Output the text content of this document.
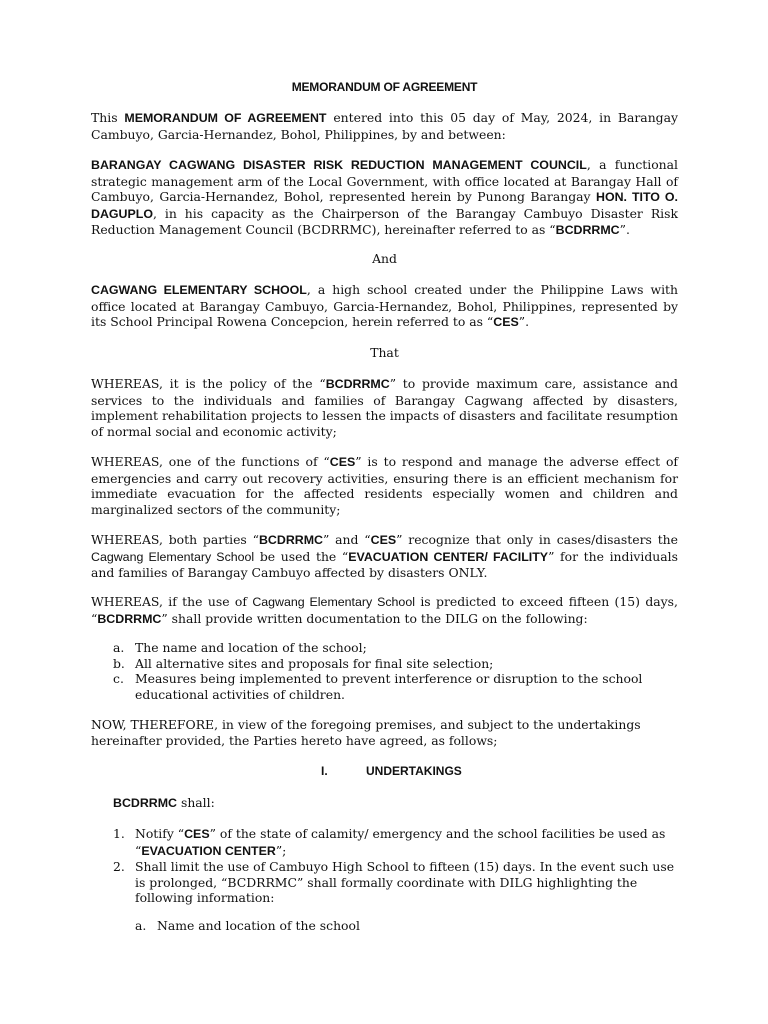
MEMORANDUM OF AGREEMENT

This MEMORANDUM OF AGREEMENT entered into this 05 day of May, 2024, in Barangay Cambuyo, Garcia-Hernandez, Bohol, Philippines, by and between:

BARANGAY CAGWANG DISASTER RISK REDUCTION MANAGEMENT COUNCIL, a functional strategic management arm of the Local Government, with office located at Barangay Hall of Cambuyo, Garcia-Hernandez, Bohol, represented herein by Punong Barangay HON. TITO O. DAGUPLO, in his capacity as the Chairperson of the Barangay Cambuyo Disaster Risk Reduction Management Council (BCDRRMC), hereinafter referred to as “BCDRRMC”.

And

CAGWANG ELEMENTARY SCHOOL, a high school created under the Philippine Laws with office located at Barangay Cambuyo, Garcia-Hernandez, Bohol, Philippines, represented by its School Principal Rowena Concepcion, herein referred to as “CES”.

That

WHEREAS, it is the policy of the “BCDRRMC” to provide maximum care, assistance and services to the individuals and families of Barangay Cagwang affected by disasters, implement rehabilitation projects to lessen the impacts of disasters and facilitate resumption of normal social and economic activity;

WHEREAS, one of the functions of “CES” is to respond and manage the adverse effect of emergencies and carry out recovery activities, ensuring there is an efficient mechanism for immediate evacuation for the affected residents especially women and children and marginalized sectors of the community;

WHEREAS, both parties “BCDRRMC” and “CES” recognize that only in cases/disasters the Cagwang Elementary School be used the “EVACUATION CENTER/ FACILITY” for the individuals and families of Barangay Cambuyo affected by disasters ONLY.

WHEREAS, if the use of Cagwang Elementary School is predicted to exceed fifteen (15) days, “BCDRRMC” shall provide written documentation to the DILG on the following:

a. The name and location of the school;
b. All alternative sites and proposals for final site selection;
c. Measures being implemented to prevent interference or disruption to the school educational activities of children.

NOW, THEREFORE, in view of the foregoing premises, and subject to the undertakings hereinafter provided, the Parties hereto have agreed, as follows;

I.	UNDERTAKINGS

BCDRRMC shall:

1. Notify “CES” of the state of calamity/ emergency and the school facilities be used as “EVACUATION CENTER”;
2. Shall limit the use of Cambuyo High School to fifteen (15) days. In the event such use is prolonged, “BCDRRMC” shall formally coordinate with DILG highlighting the following information:
a. Name and location of the school
